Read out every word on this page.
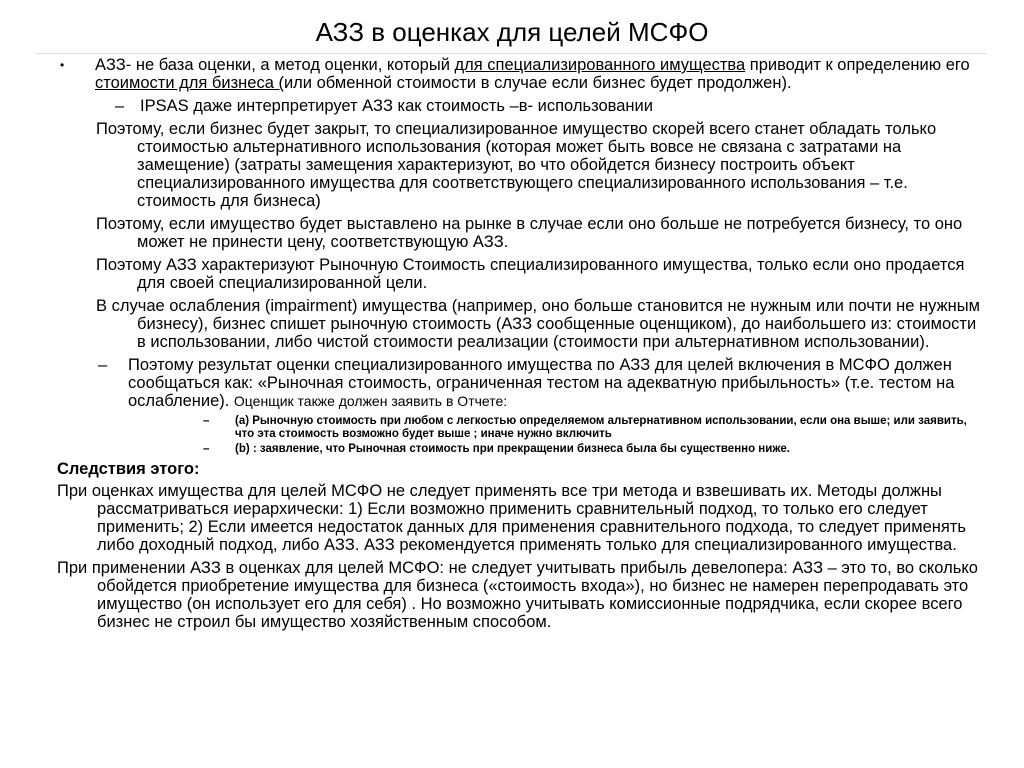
АЗЗ в оценках для целей МСФО
•	АЗЗ- не база оценки, а метод оценки, который для специализированного имущества приводит к определению его стоимости для бизнеса (или обменной стоимости в случае если бизнес будет продолжен).
– IPSAS даже интерпретирует АЗЗ как стоимость –в- использовании
Поэтому, если бизнес будет закрыт, то специализированное имущество скорей всего станет обладать только стоимостью альтернативного использования (которая может быть вовсе не связана с затратами на замещение) (затраты замещения характеризуют, во что обойдется бизнесу построить объект специализированного имущества для соответствующего специализированного использования – т.е. стоимость для бизнеса)
Поэтому, если имущество будет выставлено на рынке в случае если оно больше не потребуется бизнесу, то оно может не принести цену, соответствующую АЗЗ.
Поэтому АЗЗ характеризуют Рыночную Стоимость специализированного имущества, только если оно продается для своей специализированной цели.
В случае ослабления (impairment) имущества (например, оно больше становится не нужным или почти не нужным бизнесу), бизнес спишет рыночную стоимость (АЗЗ сообщенные оценщиком), до наибольшего из: стоимости в использовании, либо чистой стоимости реализации (стоимости при альтернативном использовании).
–	Поэтому результат оценки специализированного имущества по АЗЗ для целей включения в МСФО должен сообщаться как: «Рыночная стоимость, ограниченная тестом на адекватную прибыльность» (т.е. тестом на ослабление). Оценщик также должен заявить в Отчете:
–	(a) Рыночную стоимость при любом с легкостью определяемом альтернативном использовании, если она выше; или заявить, что эта стоимость возможно будет выше ; иначе нужно включить
–	(b) : заявление, что Рыночная стоимость при прекращении бизнеса была бы существенно ниже.
Следствия этого:
При оценках имущества для целей МСФО не следует применять все три метода и взвешивать их. Методы должны рассматриваться иерархически: 1) Если возможно применить сравнительный подход, то только его следует применить; 2) Если имеется недостаток данных для применения сравнительного подхода, то следует применять либо доходный подход, либо АЗЗ. АЗЗ рекомендуется применять только для специализированного имущества.
При применении АЗЗ в оценках для целей МСФО: не следует учитывать прибыль девелопера: АЗЗ – это то, во сколько обойдется приобретение имущества для бизнеса («стоимость входа»), но бизнес не намерен перепродавать это имущество (он использует его для себя) . Но возможно учитывать комиссионные подрядчика, если скорее всего бизнес не строил бы имущество хозяйственным способом.
